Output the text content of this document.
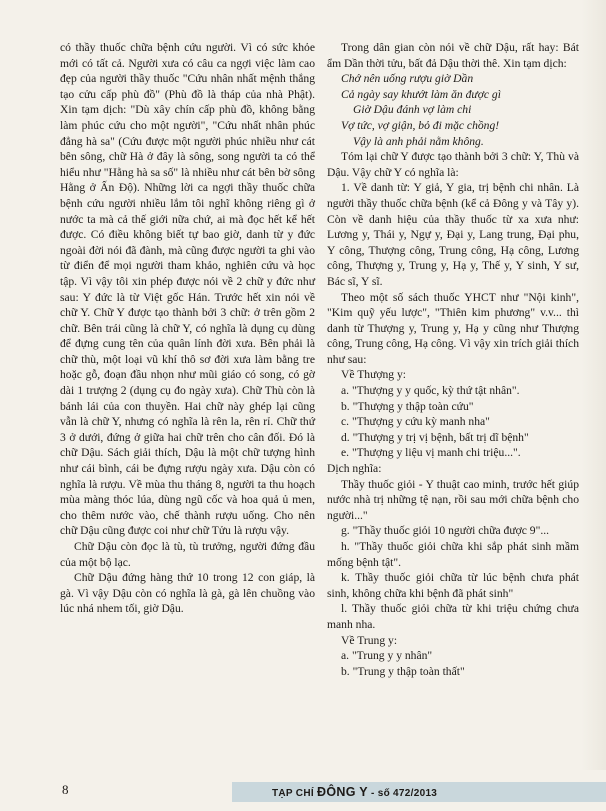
có thầy thuốc chữa bệnh cứu người. Vì có sức khỏe mới có tất cả. Người xưa có câu ca ngợi việc làm cao đẹp của người thầy thuốc "Cứu nhân nhất mệnh thắng tạo cửu cấp phù đồ" (Phù đồ là tháp của nhà Phật). Xin tạm dịch: "Dù xây chín cấp phù đồ, không bằng làm phúc cứu cho một người", "Cứu nhất nhân phúc đẳng hà sa" (Cứu được một người phúc nhiều như cát bên sông, chữ Hà ở đây là sông, song người ta có thể hiểu như "Hằng hà sa số" là nhiều như cát bên bờ sông Hằng ở Ấn Độ). Những lời ca ngợi thầy thuốc chữa bệnh cứu người nhiều lắm tôi nghĩ không riêng gì ở nước ta mà cả thế giới nữa chứ, ai mà đọc hết kể hết được. Có điều không biết tự bao giờ, danh từ y đức ngoài đời nói đã đành, mà cũng được người ta ghi vào từ điển để mọi người tham khảo, nghiên cứu và học tập. Vì vậy tôi xin phép được nói về 2 chữ y đức như sau: Y đức là từ Việt gốc Hán. Trước hết xin nói về chữ Y. Chữ Y được tạo thành bởi 3 chữ: ở trên gồm 2 chữ. Bên trái cũng là chữ Y, có nghĩa là dụng cụ dùng để đựng cung tên của quân lính đời xưa. Bên phải là chữ thù, một loại vũ khí thô sơ đời xưa làm bằng tre hoặc gỗ, đoạn đầu nhọn như mũi giáo có song, có gờ dài 1 trượng 2 (dụng cụ đo ngày xưa). Chữ Thù còn là bánh lái của con thuyền. Hai chữ này ghép lại cũng vẫn là chữ Y, nhưng có nghĩa là rên la, rên rỉ. Chữ thứ 3 ở dưới, đứng ở giữa hai chữ trên cho cân đối. Đó là chữ Dậu. Sách giải thích, Dậu là một chữ tượng hình như cái bình, cái be đựng rượu ngày xưa. Dậu còn có nghĩa là rượu. Về mùa thu tháng 8, người ta thu hoạch mùa màng thóc lúa, dùng ngũ cốc và hoa quả ủ men, cho thêm nước vào, chế thành rượu uống. Cho nên chữ Dậu cũng được coi như chữ Tửu là rượu vậy.

Chữ Dậu còn đọc là tù, tù trưởng, người đứng đầu của một bộ lạc.

Chữ Dậu đứng hàng thứ 10 trong 12 con giáp, là gà. Vì vậy Dậu còn có nghĩa là gà, gà lên chuồng vào lúc nhá nhem tối, giờ Dậu.

Trong dân gian còn nói về chữ Dậu, rất hay: Bát ẩm Dần thời tửu, bất đả Dậu thời thê. Xin tạm dịch:

Chớ nên uống rượu giờ Dần
Cả ngày say khướt làm ăn được gì
Giờ Dậu đánh vợ làm chi
Vợ tức, vợ giận, bỏ đi mặc chồng!
Vậy là anh phải nằm không.

Tóm lại chữ Y được tạo thành bởi 3 chữ: Y, Thù và Dậu. Vậy chữ Y có nghĩa là:

1. Về danh từ: Y giả, Y gia, trị bệnh chi nhân. Là người thầy thuốc chữa bệnh (kể cả Đông y và Tây y). Còn về danh hiệu của thầy thuốc từ xa xưa như: Lương y, Thái y, Ngự y, Đại y, Lang trung, Đại phu, Y công, Thượng công, Trung công, Hạ công, Lương công, Thượng y, Trung y, Hạ y, Thế y, Y sinh, Y sư, Bác sĩ, Y sĩ.

Theo một số sách thuốc YHCT như "Nội kinh", "Kim quỹ yếu lược", "Thiên kim phương" v.v... thì danh từ Thượng y, Trung y, Hạ y cũng như Thượng công, Trung công, Hạ công. Vì vậy xin trích giải thích như sau:

Về Thượng y:
a. "Thượng y y quốc, kỳ thứ tật nhân".
b. "Thượng y thập toàn cứu"
c. "Thượng y cứu kỳ manh nha"
d. "Thượng y trị vị bệnh, bất trị dĩ bệnh"
e. "Thượng y liệu vị manh chi triệu...".
Dịch nghĩa:

Thầy thuốc giỏi - Y thuật cao minh, trước hết giúp nước nhà trị những tệ nạn, rồi sau mới chữa bệnh cho người..."

g. "Thầy thuốc giỏi 10 người chữa được 9"...

h. "Thầy thuốc giỏi chữa khi sắp phát sinh mầm mống bệnh tật".

k. Thầy thuốc giỏi chữa từ lúc bệnh chưa phát sinh, không chữa khi bệnh đã phát sinh"

l. Thầy thuốc giỏi chữa từ khi triệu chứng chưa manh nha.

Về Trung y:
a. "Trung y y nhân"
b. "Trung y thập toàn thất"
8	TẠP CHÍ ĐÔNG Y - số 472/2013
